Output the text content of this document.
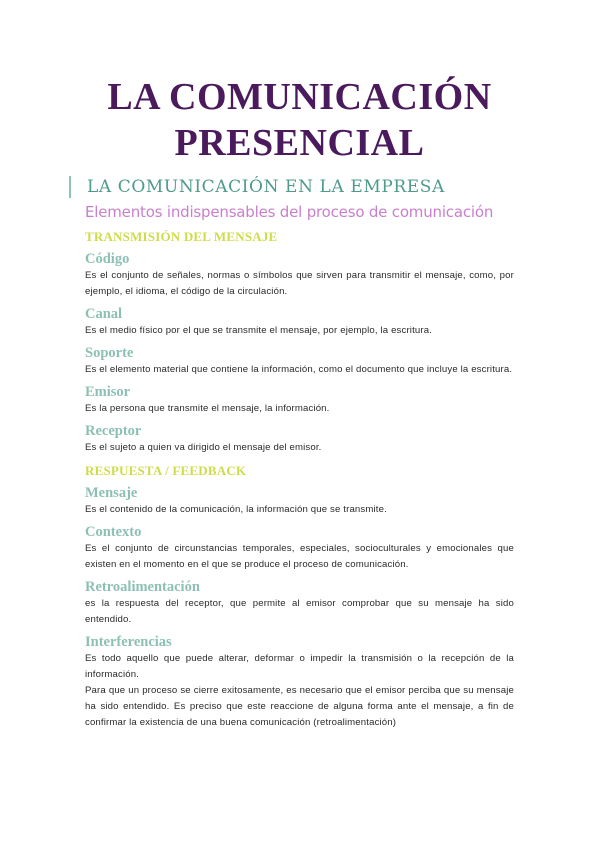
LA COMUNICACIÓN
PRESENCIAL
LA COMUNICACIÓN EN LA EMPRESA
Elementos indispensables del proceso de comunicación
TRANSMISIÓN DEL MENSAJE
Código
Es el conjunto de señales, normas o símbolos que sirven para transmitir el mensaje, como, por ejemplo, el idioma, el código de la circulación.
Canal
Es el medio físico por el que se transmite el mensaje, por ejemplo, la escritura.
Soporte
Es el elemento material que contiene la información, como el documento que incluye la escritura.
Emisor
Es la persona que transmite el mensaje, la información.
Receptor
Es el sujeto a quien va dirigido el mensaje del emisor.
RESPUESTA / FEEDBACK
Mensaje
Es el contenido de la comunicación, la información que se transmite.
Contexto
Es el conjunto de circunstancias temporales, especiales, socioculturales y emocionales que existen en el momento en el que se produce el proceso de comunicación.
Retroalimentación
es la respuesta del receptor, que permite al emisor comprobar que su mensaje ha sido entendido.
Interferencias
Es todo aquello que puede alterar, deformar o impedir la transmisión o la recepción de la información.
Para que un proceso se cierre exitosamente, es necesario que el emisor perciba que su mensaje ha sido entendido. Es preciso que este reaccione de alguna forma ante el mensaje, a fin de confirmar la existencia de una buena comunicación (retroalimentación)
